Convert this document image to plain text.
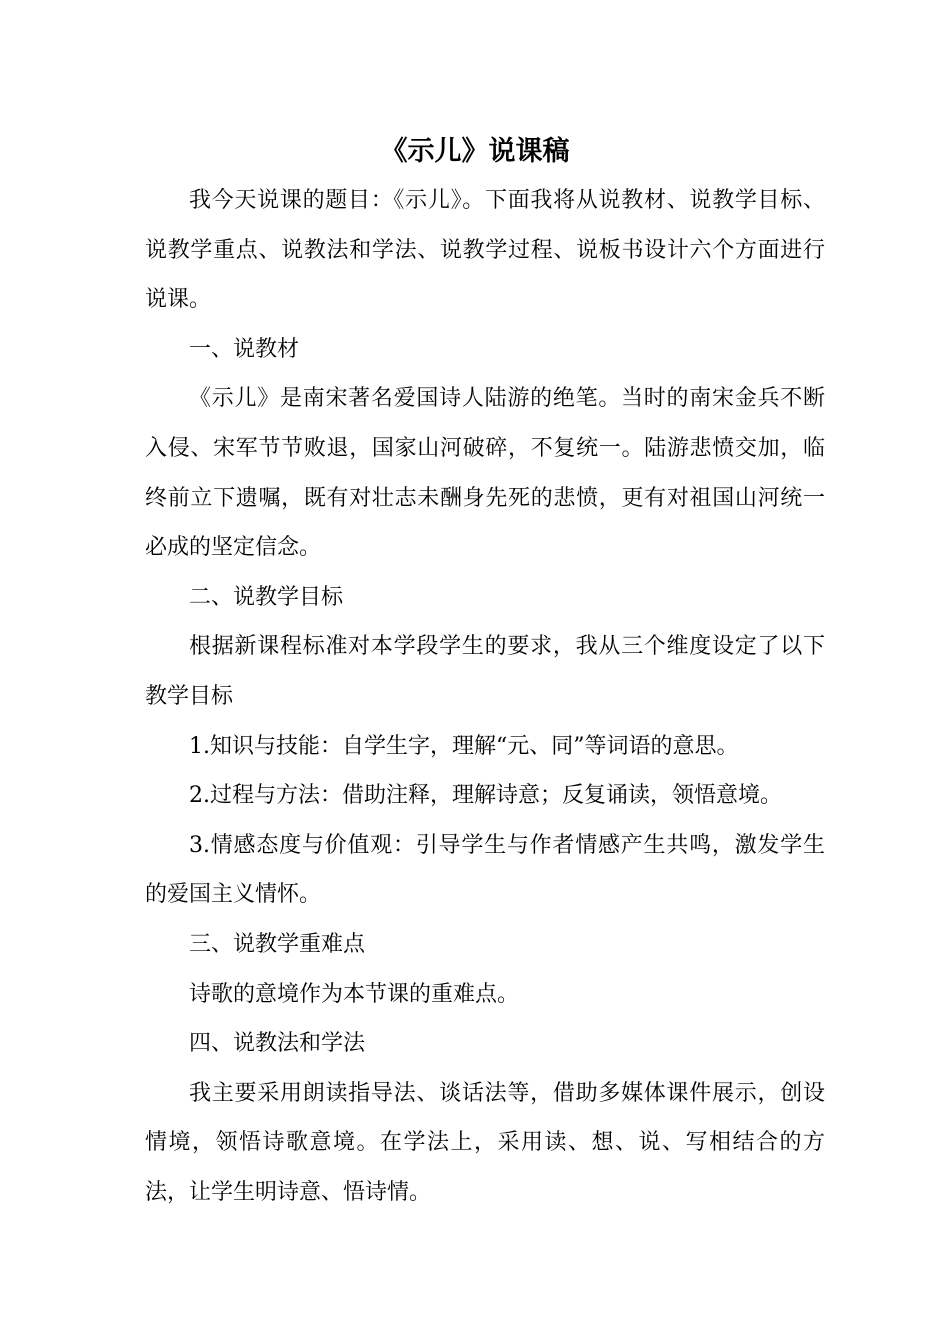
《示儿》说课稿

我今天说课的题目：《示儿》。下面我将从说教材、说教学目标、说教学重点、说教法和学法、说教学过程、说板书设计六个方面进行说课。

一、说教材

《示儿》是南宋著名爱国诗人陆游的绝笔。当时的南宋金兵不断入侵、宋军节节败退，国家山河破碎，不复统一。陆游悲愤交加，临终前立下遗嘱，既有对壮志未酬身先死的悲愤，更有对祖国山河统一必成的坚定信念。

二、说教学目标

根据新课程标准对本学段学生的要求，我从三个维度设定了以下教学目标

1.知识与技能：自学生字，理解“元、同”等词语的意思。

2.过程与方法：借助注释，理解诗意；反复诵读，领悟意境。

3.情感态度与价值观：引导学生与作者情感产生共鸣，激发学生的爱国主义情怀。

三、说教学重难点

诗歌的意境作为本节课的重难点。

四、说教法和学法

我主要采用朗读指导法、谈话法等，借助多媒体课件展示，创设情境，领悟诗歌意境。在学法上，采用读、想、说、写相结合的方法，让学生明诗意、悟诗情。
